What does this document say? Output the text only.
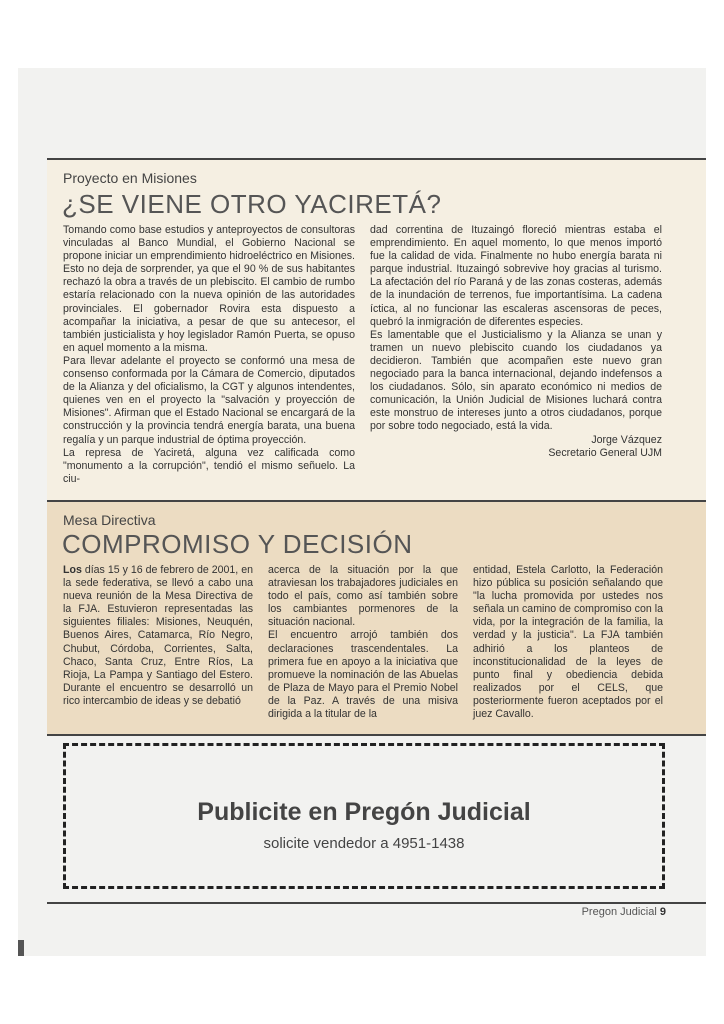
Proyecto en Misiones
¿SE VIENE OTRO YACIRETÁ?

Tomando como base estudios y anteproyectos de consultoras vinculadas al Banco Mundial, el Gobierno Nacional se propone iniciar un emprendimiento hidroeléctrico en Misiones. Esto no deja de sorprender, ya que el 90 % de sus habitantes rechazó la obra a través de un plebiscito. El cambio de rumbo estaría relacionado con la nueva opinión de las autoridades provinciales. El gobernador Rovira esta dispuesto a acompañar la iniciativa, a pesar de que su antecesor, el también justicialista y hoy legislador Ramón Puerta, se opuso en aquel momento a la misma.

Para llevar adelante el proyecto se conformó una mesa de consenso conformada por la Cámara de Comercio, diputados de la Alianza y del oficialismo, la CGT y algunos intendentes, quienes ven en el proyecto la "salvación y proyección de Misiones". Afirman que el Estado Nacional se encargará de la construcción y la provincia tendrá energía barata, una buena regalía y un parque industrial de óptima proyección.

La represa de Yaciretá, alguna vez calificada como "monumento a la corrupción", tendió el mismo señuelo. La ciu-

dad correntina de Ituzaingó floreció mientras estaba el emprendimiento. En aquel momento, lo que menos importó fue la calidad de vida. Finalmente no hubo energía barata ni parque industrial. Ituzaingó sobrevive hoy gracias al turismo. La afectación del río Paraná y de las zonas costeras, además de la inundación de terrenos, fue importantísima. La cadena íctica, al no funcionar las escaleras ascensoras de peces, quebró la inmigración de diferentes especies.

Es lamentable que el Justicialismo y la Alianza se unan y tramen un nuevo plebiscito cuando los ciudadanos ya decidieron. También que acompañen este nuevo gran negociado para la banca internacional, dejando indefensos a los ciudadanos. Sólo, sin aparato económico ni medios de comunicación, la Unión Judicial de Misiones luchará contra este monstruo de intereses junto a otros ciudadanos, porque por sobre todo negociado, está la vida.

Jorge Vázquez

Secretario General UJM

Mesa Directiva
COMPROMISO Y DECISIÓN

Los días 15 y 16 de febrero de 2001, en la sede federativa, se llevó a cabo una nueva reunión de la Mesa Directiva de la FJA. Estuvieron representadas las siguientes filiales: Misiones, Neuquén, Buenos Aires, Catamarca, Río Negro, Chubut, Córdoba, Corrientes, Salta, Chaco, Santa Cruz, Entre Ríos, La Rioja, La Pampa y Santiago del Estero. Durante el encuentro se desarrolló un rico intercambio de ideas y se debatió

acerca de la situación por la que atraviesan los trabajadores judiciales en todo el país, como así también sobre los cambiantes pormenores de la situación nacional.

El encuentro arrojó también dos declaraciones trascendentales. La primera fue en apoyo a la iniciativa que promueve la nominación de las Abuelas de Plaza de Mayo para el Premio Nobel de la Paz. A través de una misiva dirigida a la titular de la

entidad, Estela Carlotto, la Federación hizo pública su posición señalando que "la lucha promovida por ustedes nos señala un camino de compromiso con la vida, por la integración de la familia, la verdad y la justicia". La FJA también adhirió a los planteos de inconstitucionalidad de la leyes de punto final y obediencia debida realizados por el CELS, que posteriormente fueron aceptados por el juez Cavallo.

Publicite en Pregón Judicial
solicite vendedor a 4951-1438
Pregon Judicial 9
